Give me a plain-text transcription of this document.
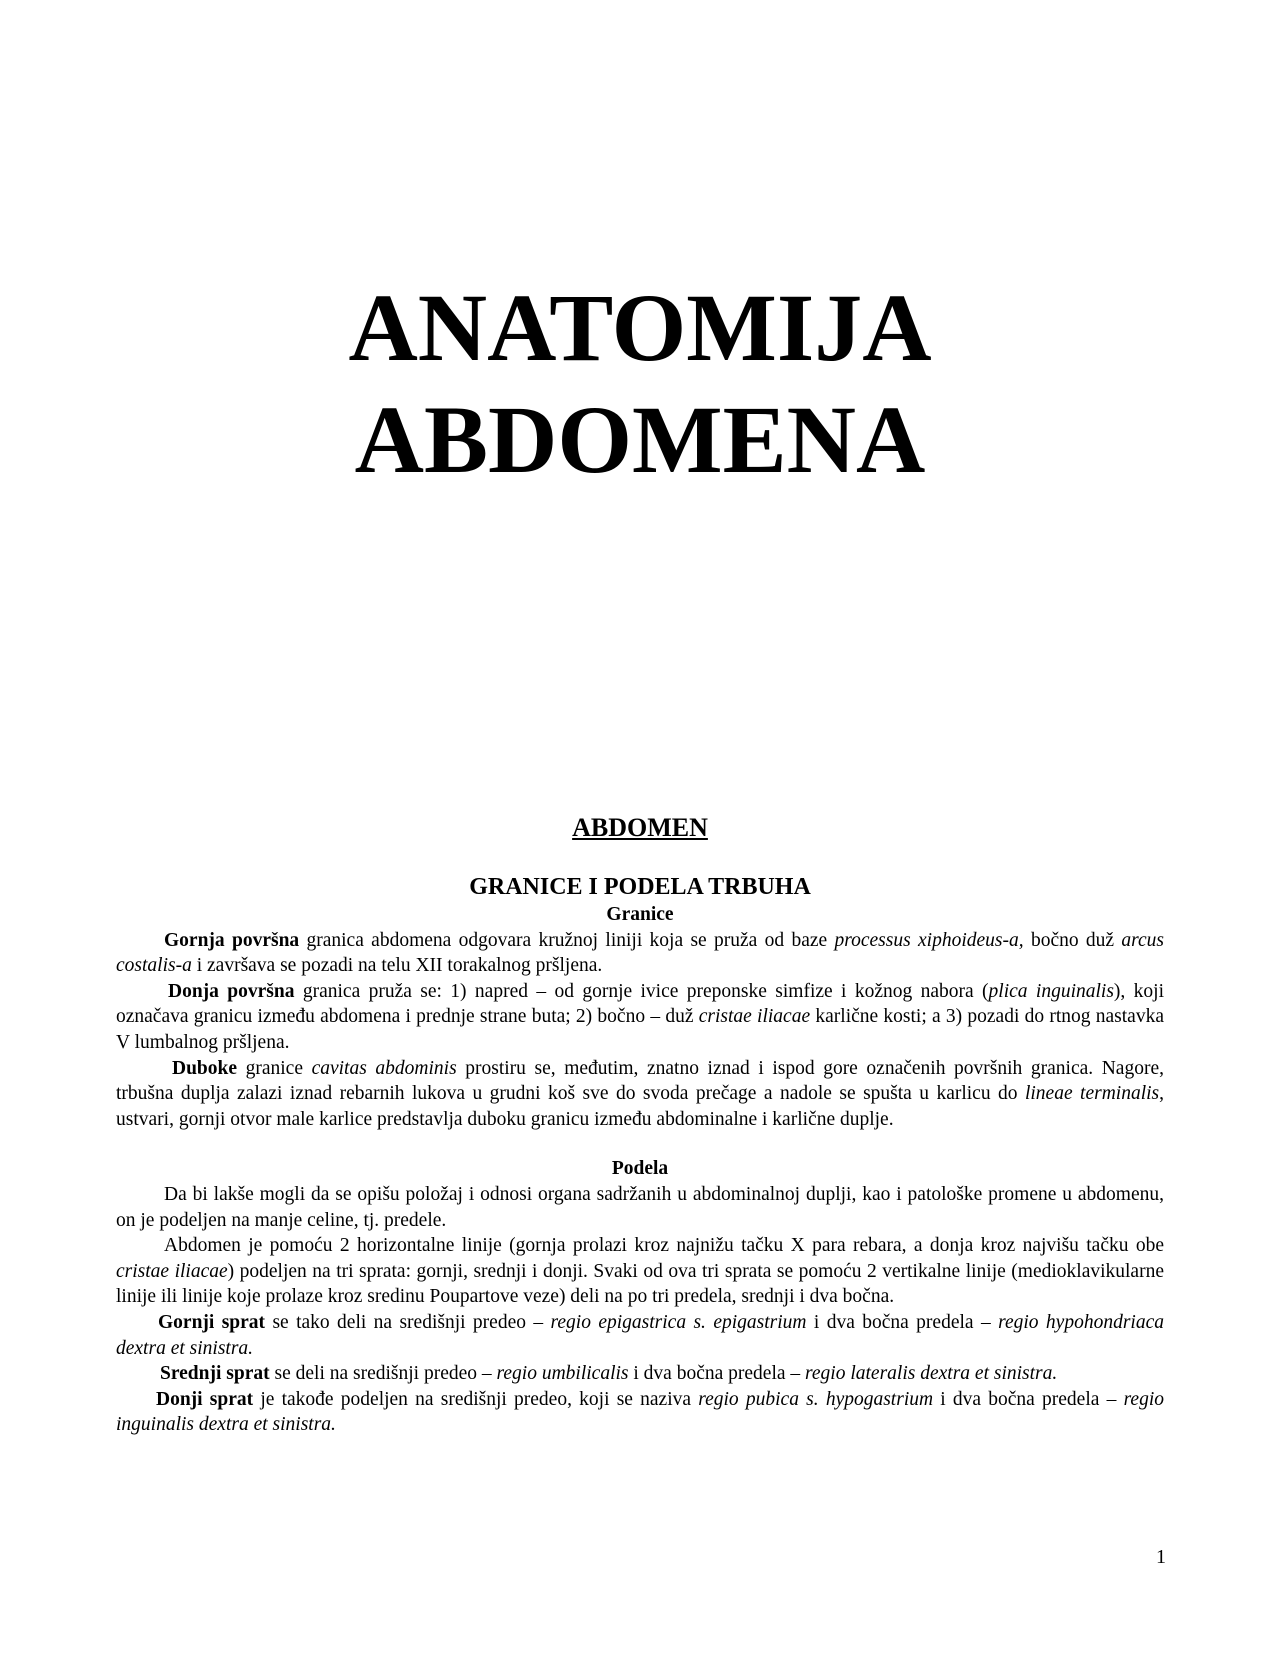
ANATOMIJA
ABDOMENA

ABDOMEN

GRANICE I PODELA TRBUHA

Granice

Gornja površna granica abdomena odgovara kružnoj liniji koja se pruža od baze processus xiphoideus-a, bočno duž arcus costalis-a i završava se pozadi na telu XII torakalnog pršljena.

Donja površna granica pruža se: 1) napred – od gornje ivice preponske simfize i kožnog nabora (plica inguinalis), koji označava granicu između abdomena i prednje strane buta; 2) bočno – duž cristae iliacae karlične kosti; a 3) pozadi do rtnog nastavka V lumbalnog pršljena.

Duboke granice cavitas abdominis prostiru se, međutim, znatno iznad i ispod gore označenih površnih granica. Nagore, trbušna duplja zalazi iznad rebarnih lukova u grudni koš sve do svoda prečage a nadole se spušta u karlicu do lineae terminalis, ustvari, gornji otvor male karlice predstavlja duboku granicu između abdominalne i karlične duplje.

Podela

Da bi lakše mogli da se opišu položaj i odnosi organa sadržanih u abdominalnoj duplji, kao i patološke promene u abdomenu, on je podeljen na manje celine, tj. predele.

Abdomen je pomoću 2 horizontalne linije (gornja prolazi kroz najnižu tačku X para rebara, a donja kroz najvišu tačku obe cristae iliacae) podeljen na tri sprata: gornji, srednji i donji. Svaki od ova tri sprata se pomoću 2 vertikalne linije (medioklavikularne linije ili linije koje prolaze kroz sredinu Poupartove veze) deli na po tri predela, srednji i dva bočna.

Gornji sprat se tako deli na središnji predeo – regio epigastrica s. epigastrium i dva bočna predela – regio hypohondriaca dextra et sinistra.

Srednji sprat se deli na središnji predeo – regio umbilicalis i dva bočna predela – regio lateralis dextra et sinistra.

Donji sprat je takođe podeljen na središnji predeo, koji se naziva regio pubica s. hypogastrium i dva bočna predela – regio inguinalis dextra et sinistra.

1
